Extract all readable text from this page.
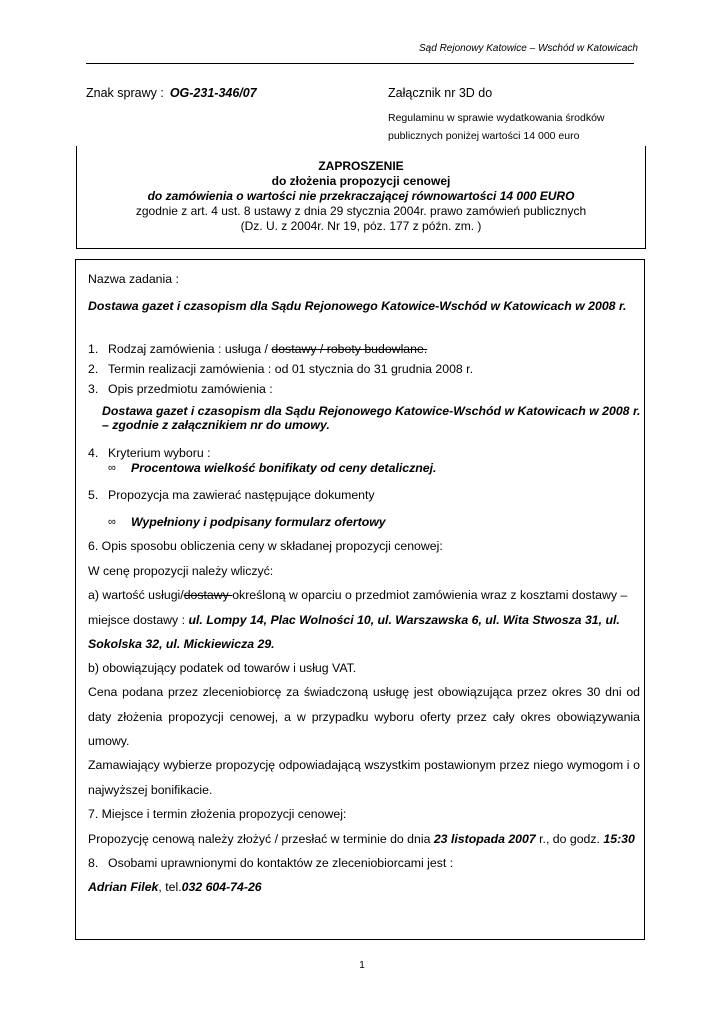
Sąd Rejonowy Katowice – Wschód w Katowicach
Znak sprawy : OG-231-346/07	Załącznik nr 3D do
Regulaminu w sprawie wydatkowania środków
publicznych poniżej wartości 14 000 euro
ZAPROSZENIE
do złożenia propozycji cenowej
do zamówienia o wartości nie przekraczającej równowartości 14 000 EURO
zgodnie z art. 4 ust. 8 ustawy z dnia 29 stycznia 2004r. prawo zamówień publicznych
(Dz. U. z 2004r. Nr 19, póz. 177 z późn. zm. )
Nazwa zadania :
Dostawa gazet i czasopism dla Sądu Rejonowego Katowice-Wschód w Katowicach w 2008 r.
1. Rodzaj zamówienia : usługa / dostawy / roboty budowlane.
2. Termin realizacji zamówienia : od 01 stycznia do 31 grudnia 2008 r.
3. Opis przedmiotu zamówienia :
Dostawa gazet i czasopism dla Sądu Rejonowego Katowice-Wschód w Katowicach w 2008 r.
– zgodnie z załącznikiem nr do umowy.
4. Kryterium wyboru :
∞ Procentowa wielkość bonifikaty od ceny detalicznej.
5. Propozycja ma zawierać następujące dokumenty
∞ Wypełniony i podpisany formularz ofertowy
6. Opis sposobu obliczenia ceny w składanej propozycji cenowej:
W cenę propozycji należy wliczyć:
a) wartość usługi/dostawy określoną w oparciu o przedmiot zamówienia wraz z kosztami dostawy –
miejsce dostawy : ul. Lompy 14, Plac Wolności 10, ul. Warszawska 6, ul. Wita Stwosza 31, ul.
Sokolska 32, ul. Mickiewicza 29.
b) obowiązujący podatek od towarów i usług VAT.
Cena podana przez zleceniobiorcę za świadczoną usługę jest obowiązująca przez okres 30 dni od
daty złożenia propozycji cenowej, a w przypadku wyboru oferty przez cały okres obowiązywania
umowy.
Zamawiający wybierze propozycję odpowiadającą wszystkim postawionym przez niego wymogom i o
najwyższej bonifikacie.
7. Miejsce i termin złożenia propozycji cenowej:
Propozycję cenową należy złożyć / przesłać w terminie do dnia 23 listopada 2007 r., do godz. 15:30
8. Osobami uprawnionymi do kontaktów ze zleceniobiorcami jest :
Adrian Filek, tel.032 604-74-26
1
